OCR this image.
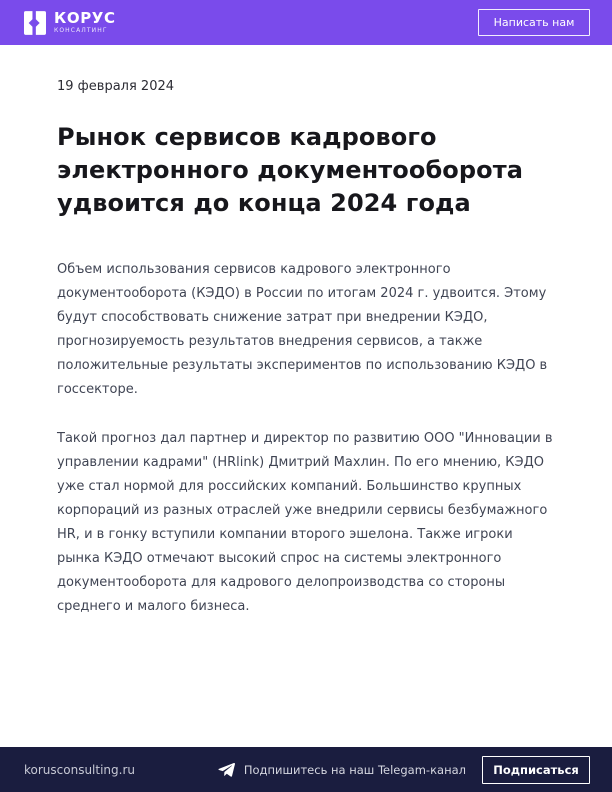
КОРУС
КОНСАЛТИНГ
Написать нам
19 февраля 2024
Рынок сервисов кадрового электронного документооборота удвоится до конца 2024 года

Объем использования сервисов кадрового электронного документооборота (КЭДО) в России по итогам 2024 г. удвоится. Этому будут способствовать снижение затрат при внедрении КЭДО, прогнозируемость результатов внедрения сервисов, а также положительные результаты экспериментов по использованию КЭДО в госсекторе.

Такой прогноз дал партнер и директор по развитию ООО "Инновации в управлении кадрами" (HRlink) Дмитрий Махлин. По его мнению, КЭДО уже стал нормой для российских компаний. Большинство крупных корпораций из разных отраслей уже внедрили сервисы безбумажного HR, и в гонку вступили компании второго эшелона. Также игроки рынка КЭДО отмечают высокий спрос на системы электронного документооборота для кадрового делопроизводства со стороны среднего и малого бизнеса.

korusconsulting.ru	Подпишитесь на наш Telegam-канал	Подписаться
